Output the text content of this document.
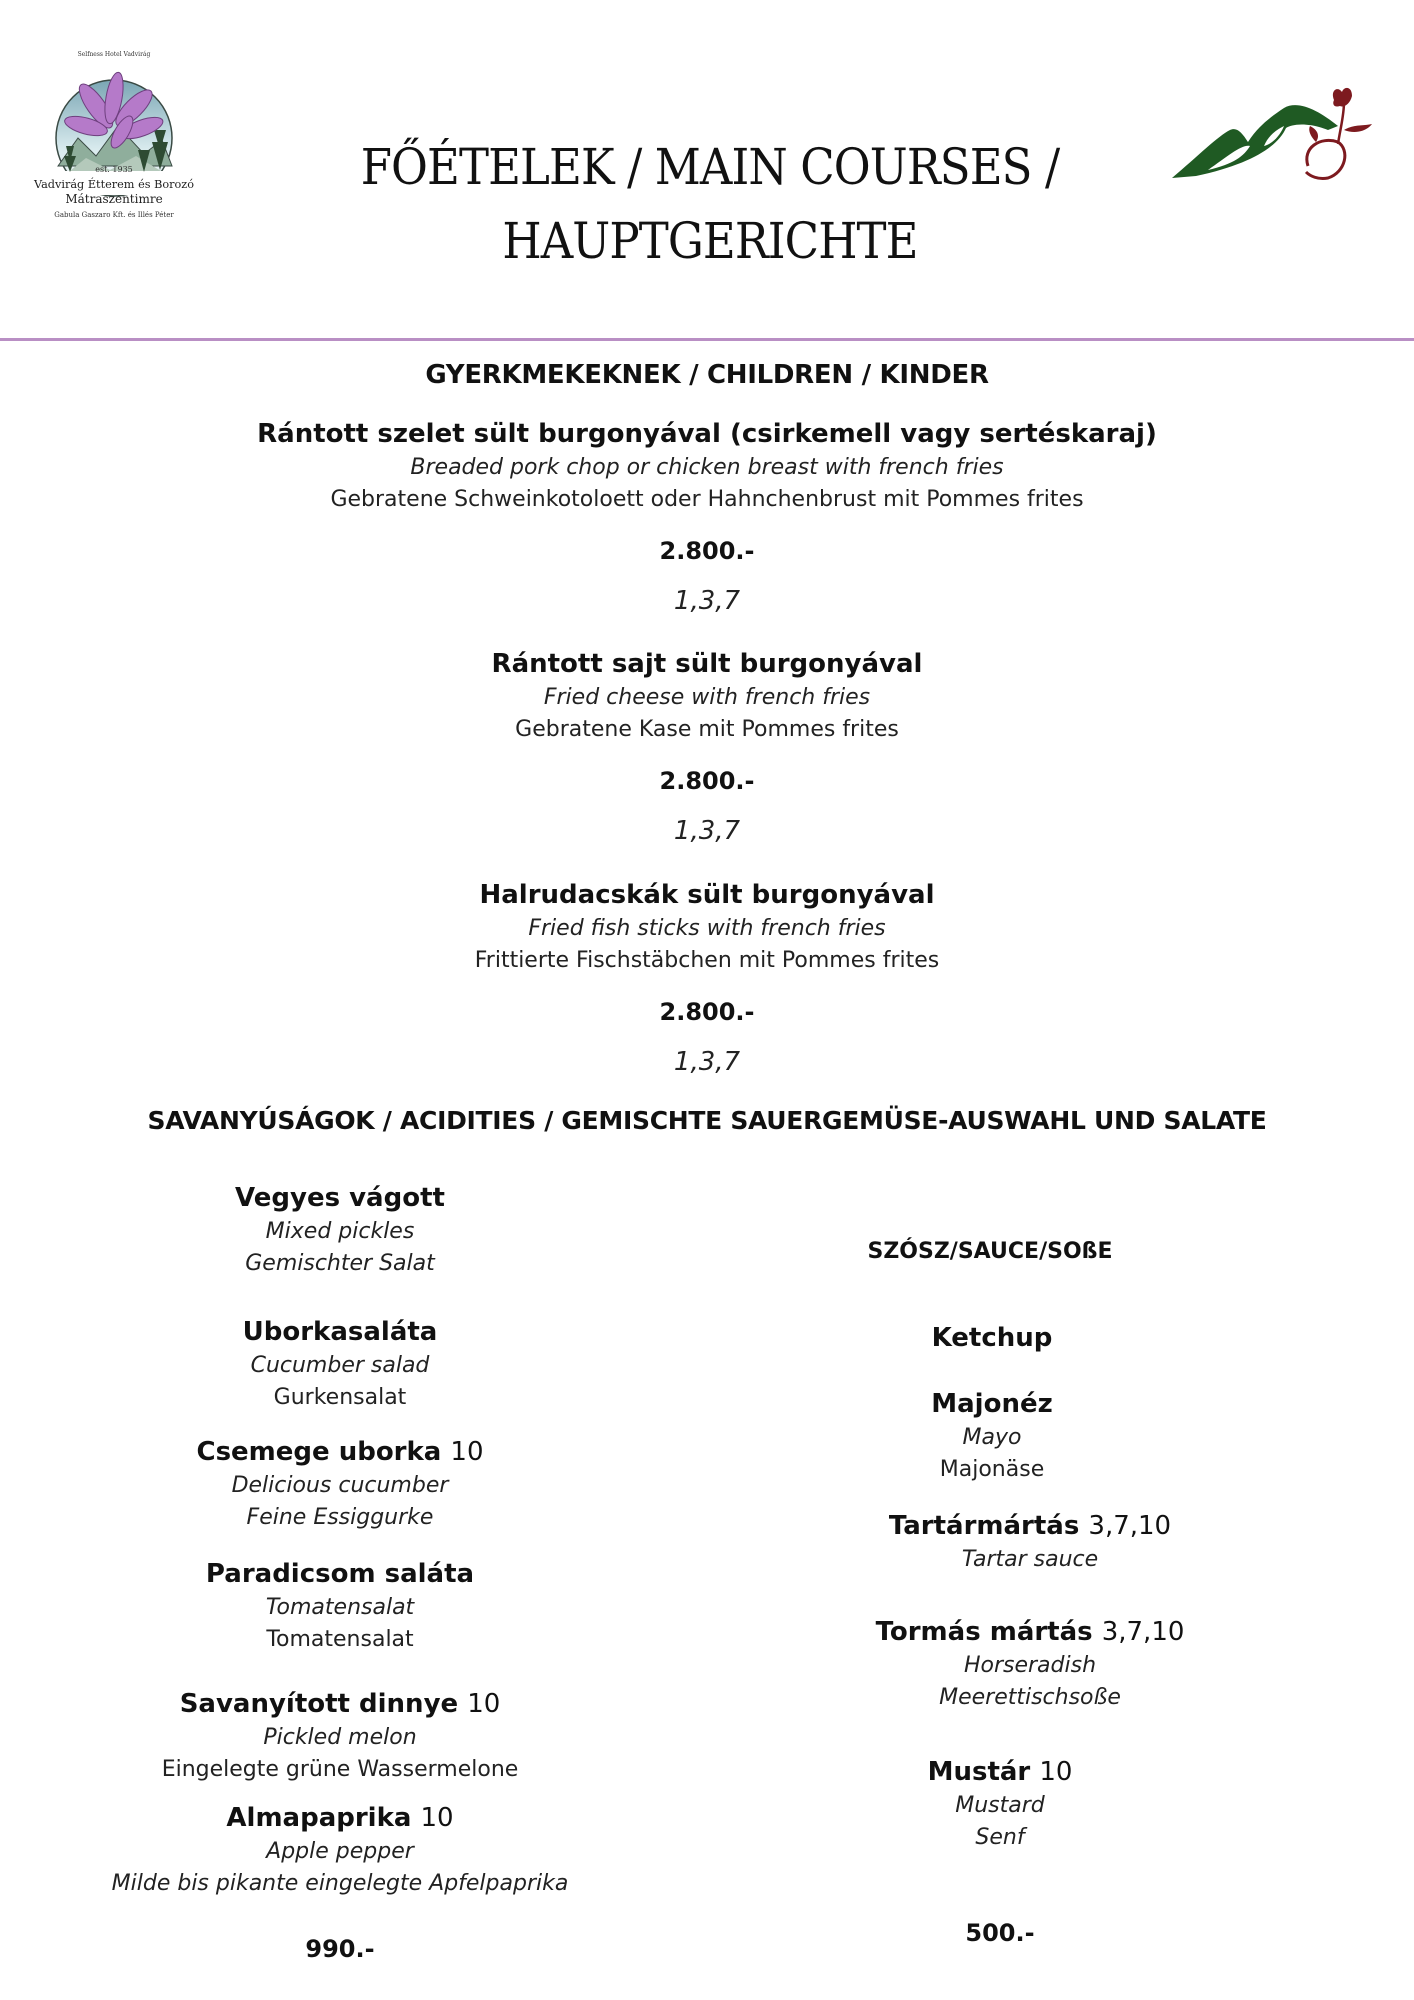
Selfness Hotel Vadvirág
est. 1935
Vadvirág Étterem és Borozó
Mátraszentimre
Gabula Gaszaro Kft. és Illés Péter
FŐÉTELEK / MAIN COURSES /
HAUPTGERICHTE
GYERKMEKEKNEK / CHILDREN / KINDER
Rántott szelet sült burgonyával (csirkemell vagy sertéskaraj)
Breaded pork chop or chicken breast with french fries
Gebratene Schweinkotoloett oder Hahnchenbrust mit Pommes frites
2.800.-
1,3,7
Rántott sajt sült burgonyával
Fried cheese with french fries
Gebratene Kase mit Pommes frites
2.800.-
1,3,7
Halrudacskák sült burgonyával
Fried fish sticks with french fries
Frittierte Fischstäbchen mit Pommes frites
2.800.-
1,3,7
SAVANYÚSÁGOK / ACIDITIES / GEMISCHTE SAUERGEMÜSE-AUSWAHL UND SALATE
Vegyes vágott
Mixed pickles
Gemischter Salat
Uborkasaláta
Cucumber salad
Gurkensalat
Csemege uborka 10
Delicious cucumber
Feine Essiggurke
Paradicsom saláta
Tomatensalat
Tomatensalat
Savanyított dinnye 10
Pickled melon
Eingelegte grüne Wassermelone
Almapaprika 10
Apple pepper
Milde bis pikante eingelegte Apfelpaprika
990.-
SZÓSZ/SAUCE/SOßE
Ketchup
Majonéz
Mayo
Majonäse
Tartármártás 3,7,10
Tartar sauce
Tormás mártás 3,7,10
Horseradish
Meerettischsoße
Mustár 10
Mustard
Senf
500.-
